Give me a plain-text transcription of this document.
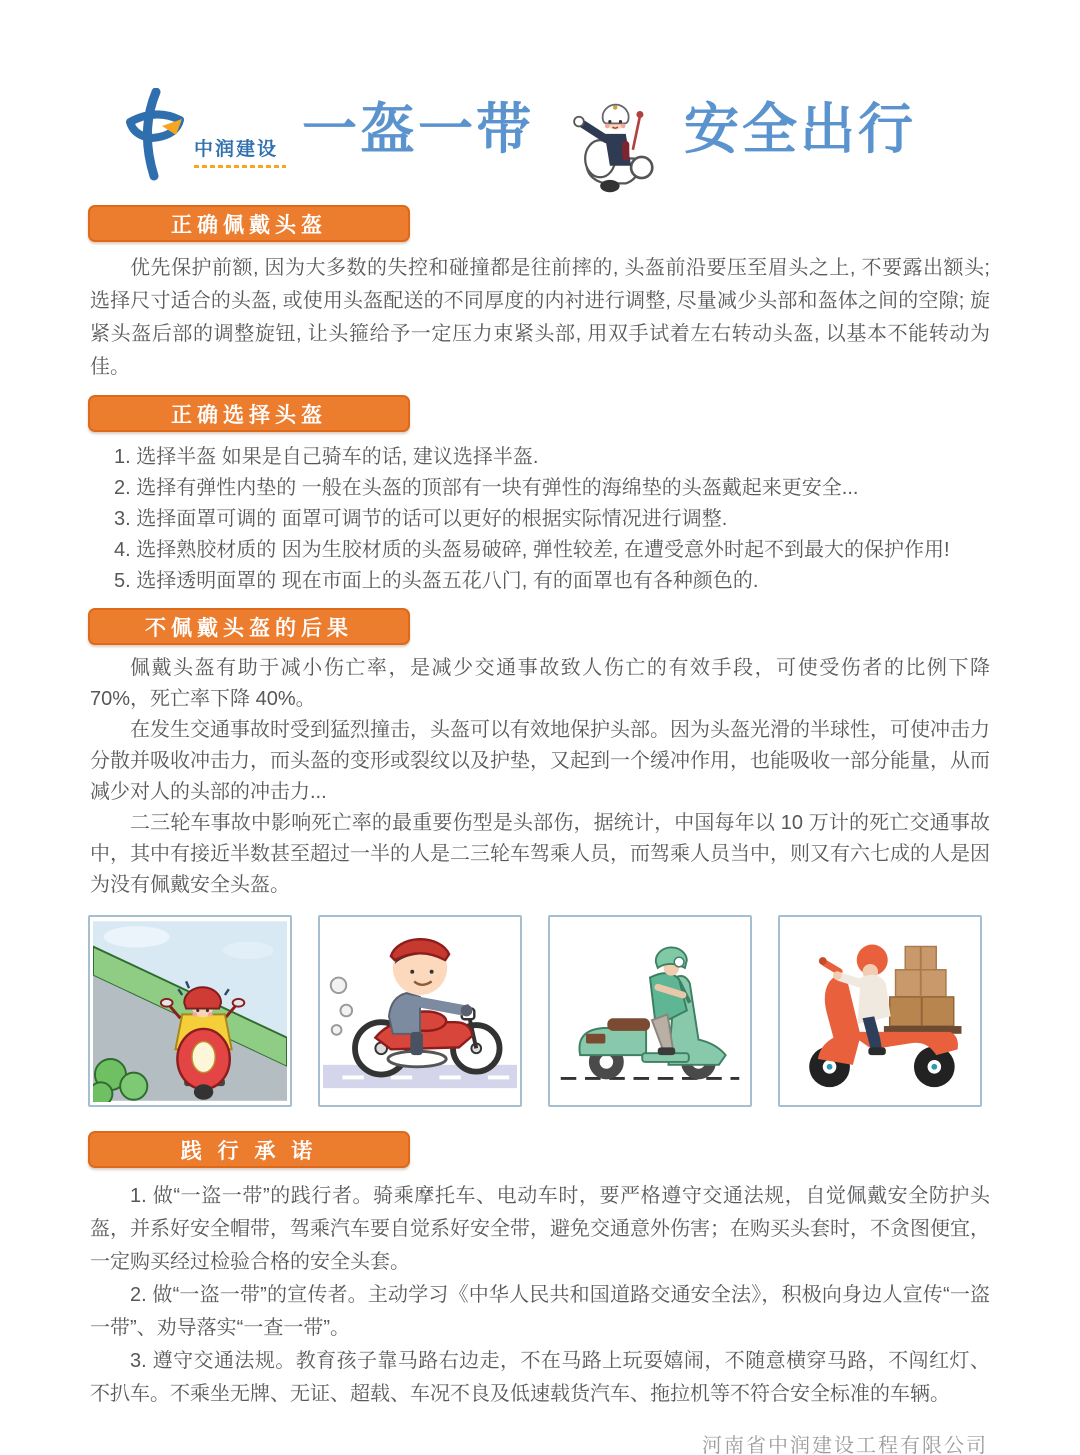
中润建设 一盔一带	安全出行
正确佩戴头盔

优先保护前额, 因为大多数的失控和碰撞都是往前摔的, 头盔前沿要压至眉头之上, 不要露出额头; 选择尺寸适合的头盔, 或使用头盔配送的不同厚度的内衬进行调整, 尽量减少头部和盔体之间的空隙; 旋紧头盔后部的调整旋钮, 让头箍给予一定压力束紧头部, 用双手试着左右转动头盔, 以基本不能转动为佳。

正确选择头盔
1. 选择半盔 如果是自己骑车的话, 建议选择半盔.
2. 选择有弹性内垫的 一般在头盔的顶部有一块有弹性的海绵垫的头盔戴起来更安全...
3. 选择面罩可调的 面罩可调节的话可以更好的根据实际情况进行调整.
4. 选择熟胶材质的 因为生胶材质的头盔易破碎, 弹性较差, 在遭受意外时起不到最大的保护作用!
5. 选择透明面罩的 现在市面上的头盔五花八门, 有的面罩也有各种颜色的.
不佩戴头盔的后果

佩戴头盔有助于减小伤亡率，是减少交通事故致人伤亡的有效手段，可使受伤者的比例下降 70%，死亡率下降 40%。

在发生交通事故时受到猛烈撞击，头盔可以有效地保护头部。因为头盔光滑的半球性，可使冲击力分散并吸收冲击力，而头盔的变形或裂纹以及护垫，又起到一个缓冲作用，也能吸收一部分能量，从而减少对人的头部的冲击力...

二三轮车事故中影响死亡率的最重要伤型是头部伤，据统计，中国每年以 10 万计的死亡交通事故中，其中有接近半数甚至超过一半的人是二三轮车驾乘人员，而驾乘人员当中，则又有六七成的人是因为没有佩戴安全头盔。

践 行 承 诺

1. 做“一盗一带”的践行者。骑乘摩托车、电动车时，要严格遵守交通法规，自觉佩戴安全防护头盔，并系好安全帽带，驾乘汽车要自觉系好安全带，避免交通意外伤害；在购买头套时，不贪图便宜，一定购买经过检验合格的安全头套。

2. 做“一盗一带”的宣传者。主动学习《中华人民共和国道路交通安全法》，积极向身边人宣传“一盗一带”、劝导落实“一查一带”。

3. 遵守交通法规。教育孩子靠马路右边走，不在马路上玩耍嬉闹，不随意横穿马路，不闯红灯、不扒车。不乘坐无牌、无证、超载、车况不良及低速载货汽车、拖拉机等不符合安全标准的车辆。

河南省中润建设工程有限公司
